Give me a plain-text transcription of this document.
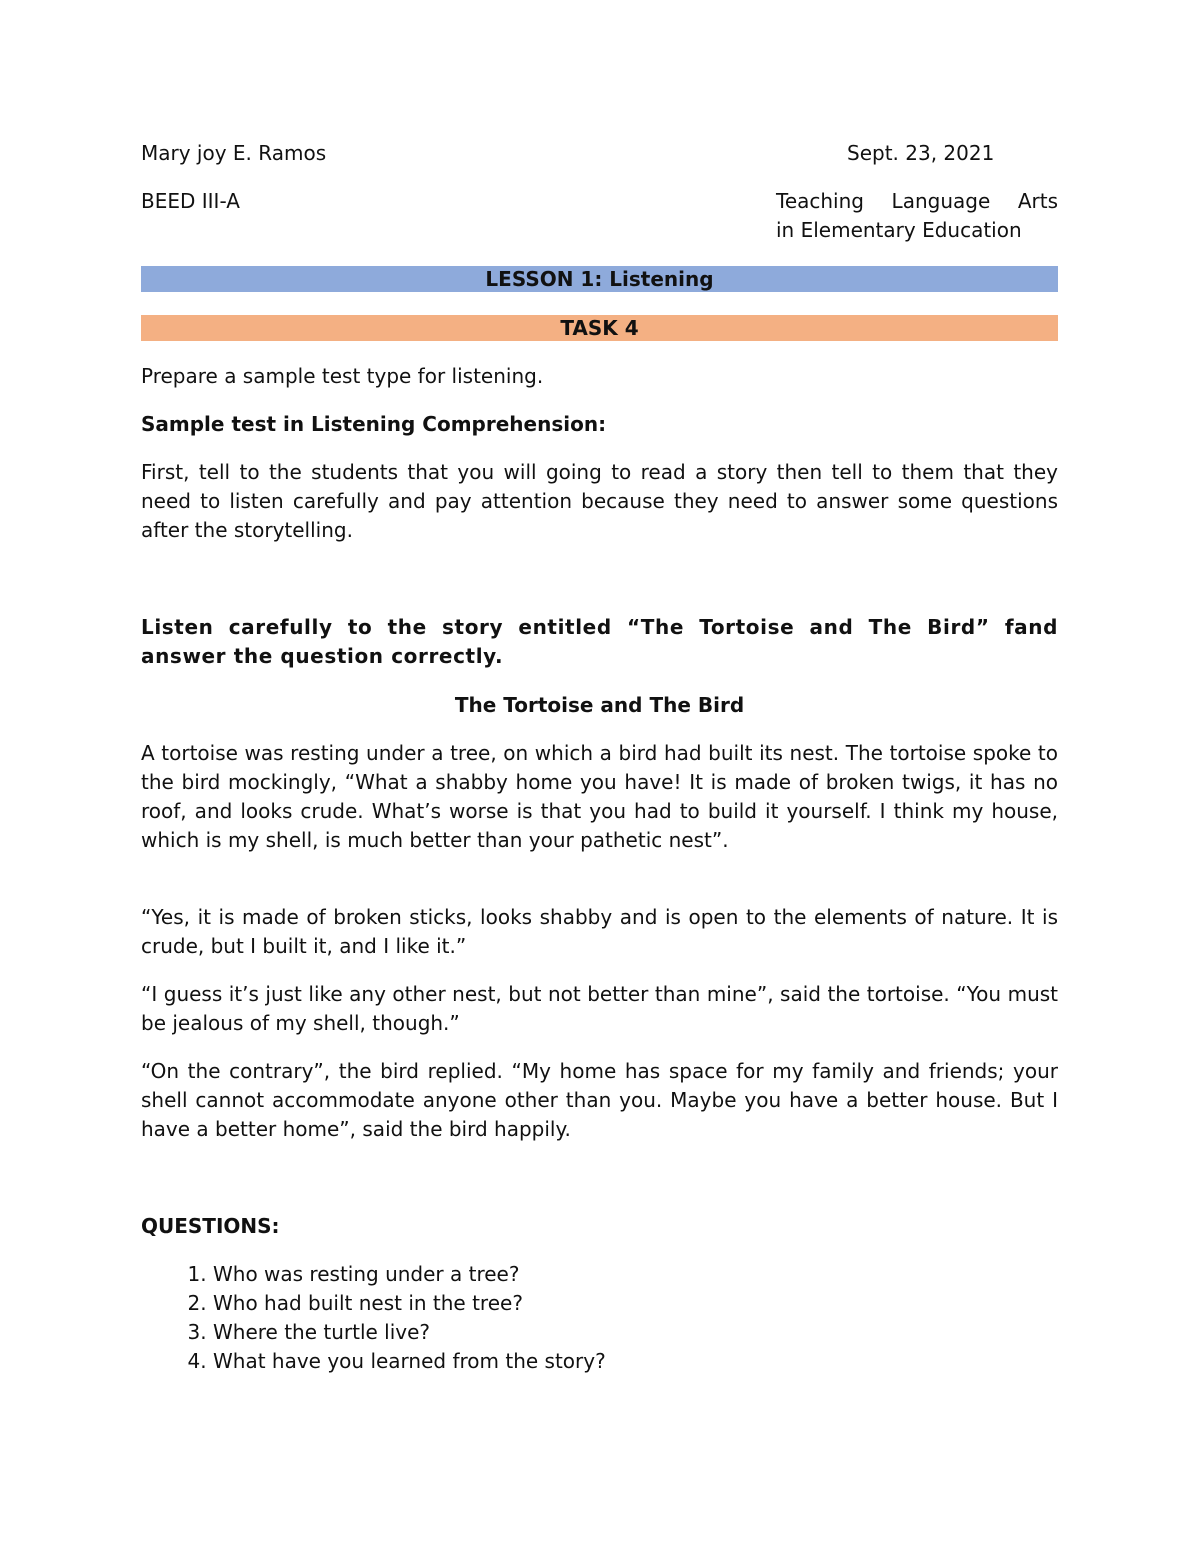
Mary joy E. Ramos	Sept. 23, 2021
BEED III-A	Teaching Language Arts
in Elementary Education
LESSON 1: Listening
TASK 4
Prepare a sample test type for listening.
Sample test in Listening Comprehension:
First, tell to the students that you will going to read a story then tell to them that they need to listen carefully and pay attention because they need to answer some questions after the storytelling.
Listen carefully to the story entitled “The Tortoise and The Bird” fand answer the question correctly.
The Tortoise and The Bird
A tortoise was resting under a tree, on which a bird had built its nest. The tortoise spoke to the bird mockingly, “What a shabby home you have! It is made of broken twigs, it has no roof, and looks crude. What’s worse is that you had to build it yourself. I think my house, which is my shell, is much better than your pathetic nest”.
“Yes, it is made of broken sticks, looks shabby and is open to the elements of nature. It is crude, but I built it, and I like it.”
“I guess it’s just like any other nest, but not better than mine”, said the tortoise. “You must be jealous of my shell, though.”
“On the contrary”, the bird replied. “My home has space for my family and friends; your shell cannot accommodate anyone other than you. Maybe you have a better house. But I have a better home”, said the bird happily.
QUESTIONS:
1. Who was resting under a tree?
2. Who had built nest in the tree?
3. Where the turtle live?
4. What have you learned from the story?
